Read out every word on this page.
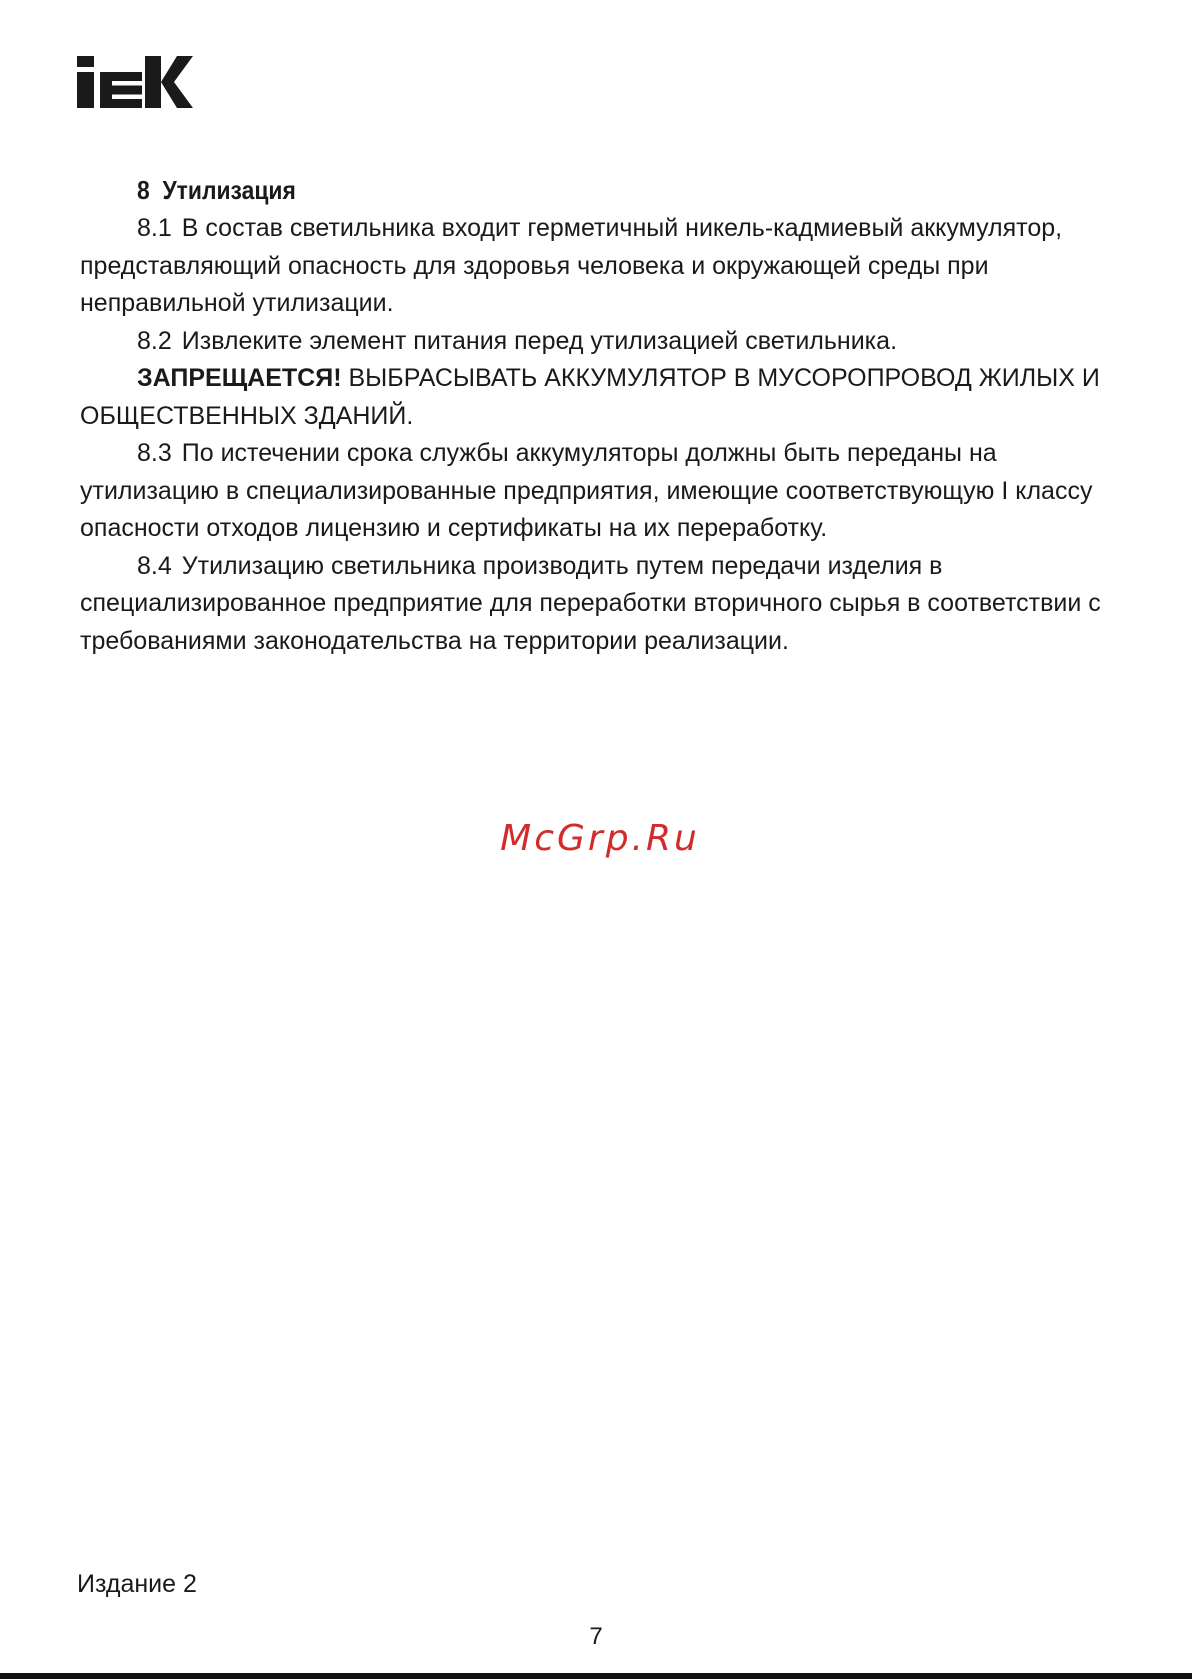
8 Утилизация

8.1 В состав светильника входит герметичный никель-кадмиевый аккумулятор, представляющий опасность для здоровья человека и окружающей среды при неправильной утилизации.

8.2 Извлеките элемент питания перед утилизацией светильника.

ЗАПРЕЩАЕТСЯ! ВЫБРАСЫВАТЬ АККУМУЛЯТОР В МУСОРОПРОВОД ЖИЛЫХ И ОБЩЕСТВЕННЫХ ЗДАНИЙ.

8.3 По истечении срока службы аккумуляторы должны быть переданы на утилизацию в специализированные предприятия, имеющие соответствующую I классу опасности отходов лицензию и сертификаты на их переработку.

8.4 Утилизацию светильника производить путем передачи изделия в специализированное предприятие для переработки вторичного сырья в соответствии с требованиями законодательства на территории реализации.

McGrp.Ru
Издание 2
7
